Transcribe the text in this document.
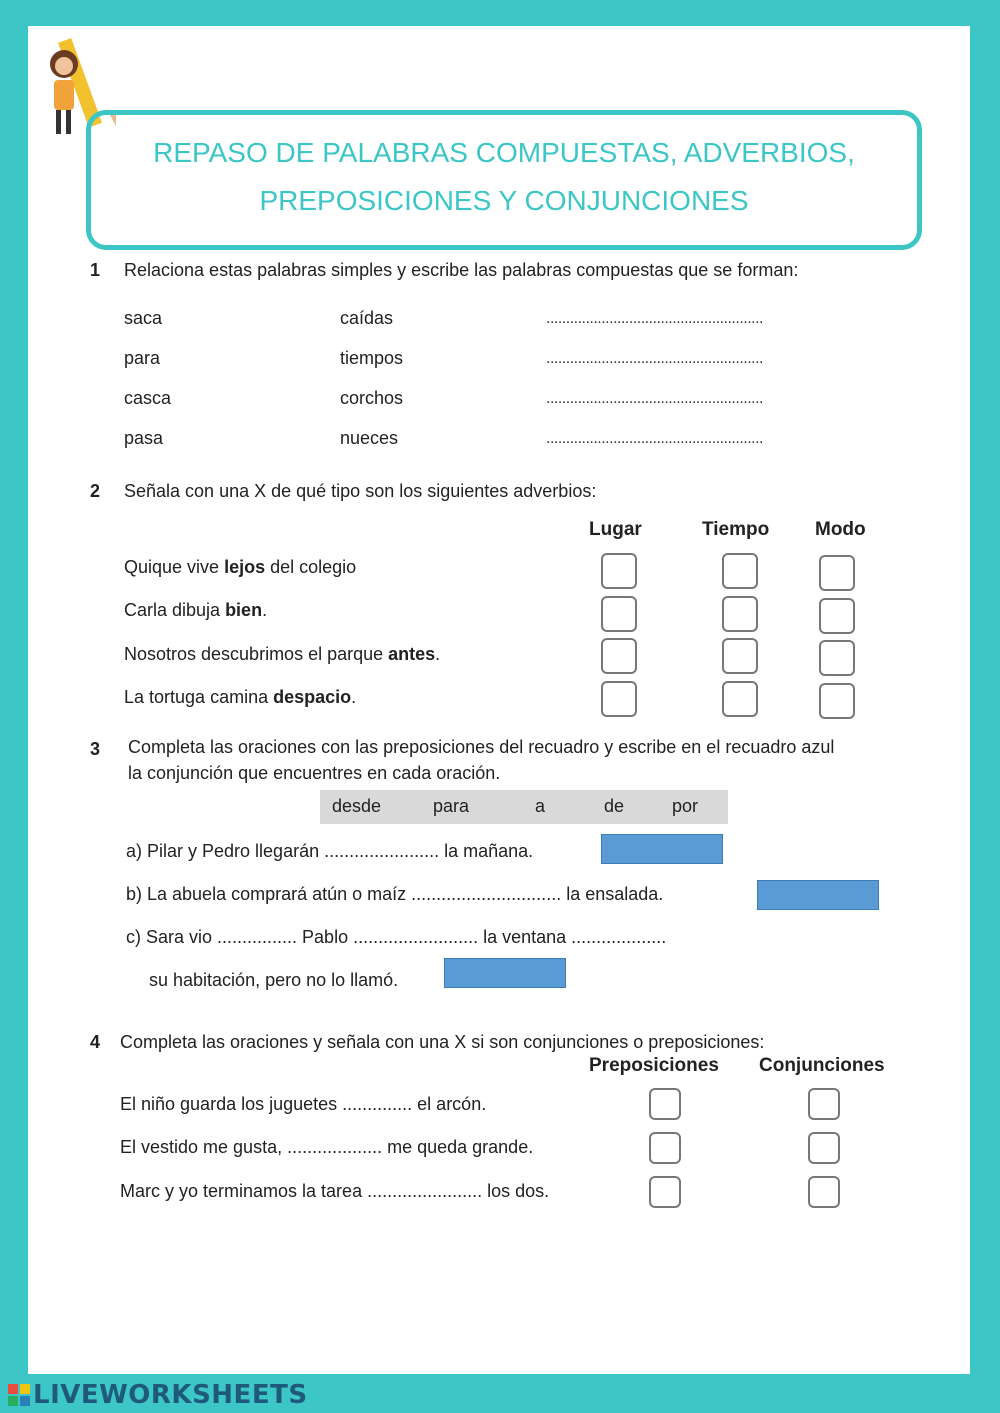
REPASO DE PALABRAS COMPUESTAS, ADVERBIOS,
PREPOSICIONES Y CONJUNCIONES
1 Relaciona estas palabras simples y escribe las palabras compuestas que se forman:
saca	caídas	.......................................................
para	tiempos	.......................................................
casca	corchos	.......................................................
pasa	nueces	.......................................................
2 Señala con una X de qué tipo son los siguientes adverbios:
Lugar	Tiempo Modo
Quique vive lejos del colegio
Carla dibuja bien.
Nosotros descubrimos el parque antes.
La tortuga camina despacio.
3 Completa las oraciones con las preposiciones del recuadro y escribe en el recuadro azul
la conjunción que encuentres en cada oración.
desde	para	a	de	por
a) Pilar y Pedro llegarán ....................... la mañana.
b) La abuela comprará atún o maíz .............................. la ensalada.
c) Sara vio ................ Pablo ......................... la ventana ...................
su habitación, pero no lo llamó.
4 Completa las oraciones y señala con una X si son conjunciones o preposiciones:
Preposiciones Conjunciones
El niño guarda los juguetes .............. el arcón.
El vestido me gusta, ................... me queda grande.
Marc y yo terminamos la tarea ....................... los dos.
LIVEWORKSHEETS
